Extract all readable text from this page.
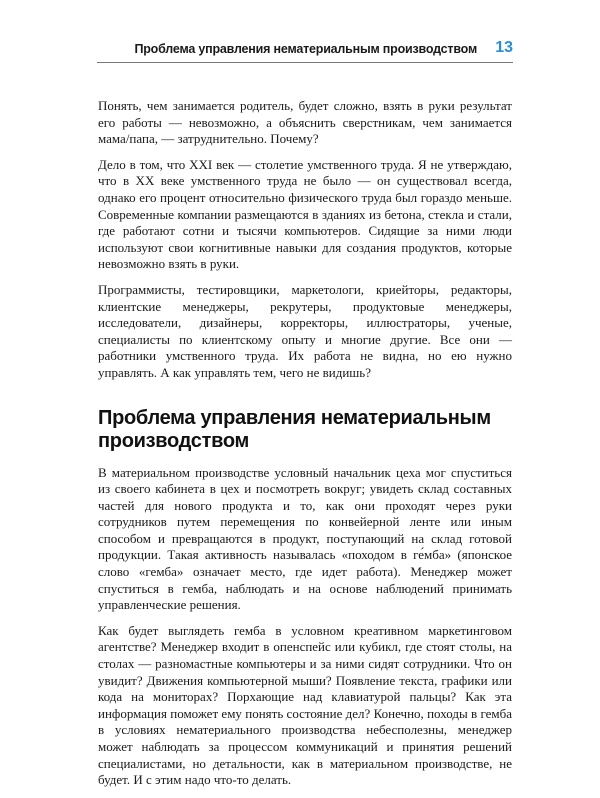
Проблема управления нематериальным производством 13

Понять, чем занимается родитель, будет сложно, взять в руки результат его работы — невозможно, а объяснить сверстникам, чем занимается мама/папа, — затруднительно. Почему?

Дело в том, что XXI век — столетие умственного труда. Я не утверждаю, что в XX веке умственного труда не было — он существовал всегда, однако его процент относительно физического труда был гораздо меньше. Современные компании размещаются в зданиях из бетона, стекла и стали, где работают сотни и тысячи компьютеров. Сидящие за ними люди используют свои когнитивные навыки для создания продуктов, которые невозможно взять в руки.

Программисты, тестировщики, маркетологи, криейторы, редакторы, клиентские менеджеры, рекрутеры, продуктовые менеджеры, исследователи, дизайнеры, корректоры, иллюстраторы, ученые, специалисты по клиентскому опыту и многие другие. Все они — работники умственного труда. Их работа не видна, но ею нужно управлять. А как управлять тем, чего не видишь?

Проблема управления нематериальным производством

В материальном производстве условный начальник цеха мог спуститься из своего кабинета в цех и посмотреть вокруг; увидеть склад составных частей для нового продукта и то, как они проходят через руки сотрудников путем перемещения по конвейерной ленте или иным способом и превращаются в продукт, поступающий на склад готовой продукции. Такая активность называлась «походом в ге́мба» (японское слово «гемба» означает место, где идет работа). Менеджер может спуститься в гемба, наблюдать и на основе наблюдений принимать управленческие решения.

Как будет выглядеть гемба в условном креативном маркетинговом агентстве? Менеджер входит в опенспейс или кубикл, где стоят столы, на столах — разномастные компьютеры и за ними сидят сотрудники. Что он увидит? Движения компьютерной мыши? Появление текста, графики или кода на мониторах? Порхающие над клавиатурой пальцы? Как эта информация поможет ему понять состояние дел? Конечно, походы в гемба в условиях нематериального производства небесполезны, менеджер может наблюдать за процессом коммуникаций и принятия решений специалистами, но детальности, как в материальном производстве, не будет. И с этим надо что-то делать.
